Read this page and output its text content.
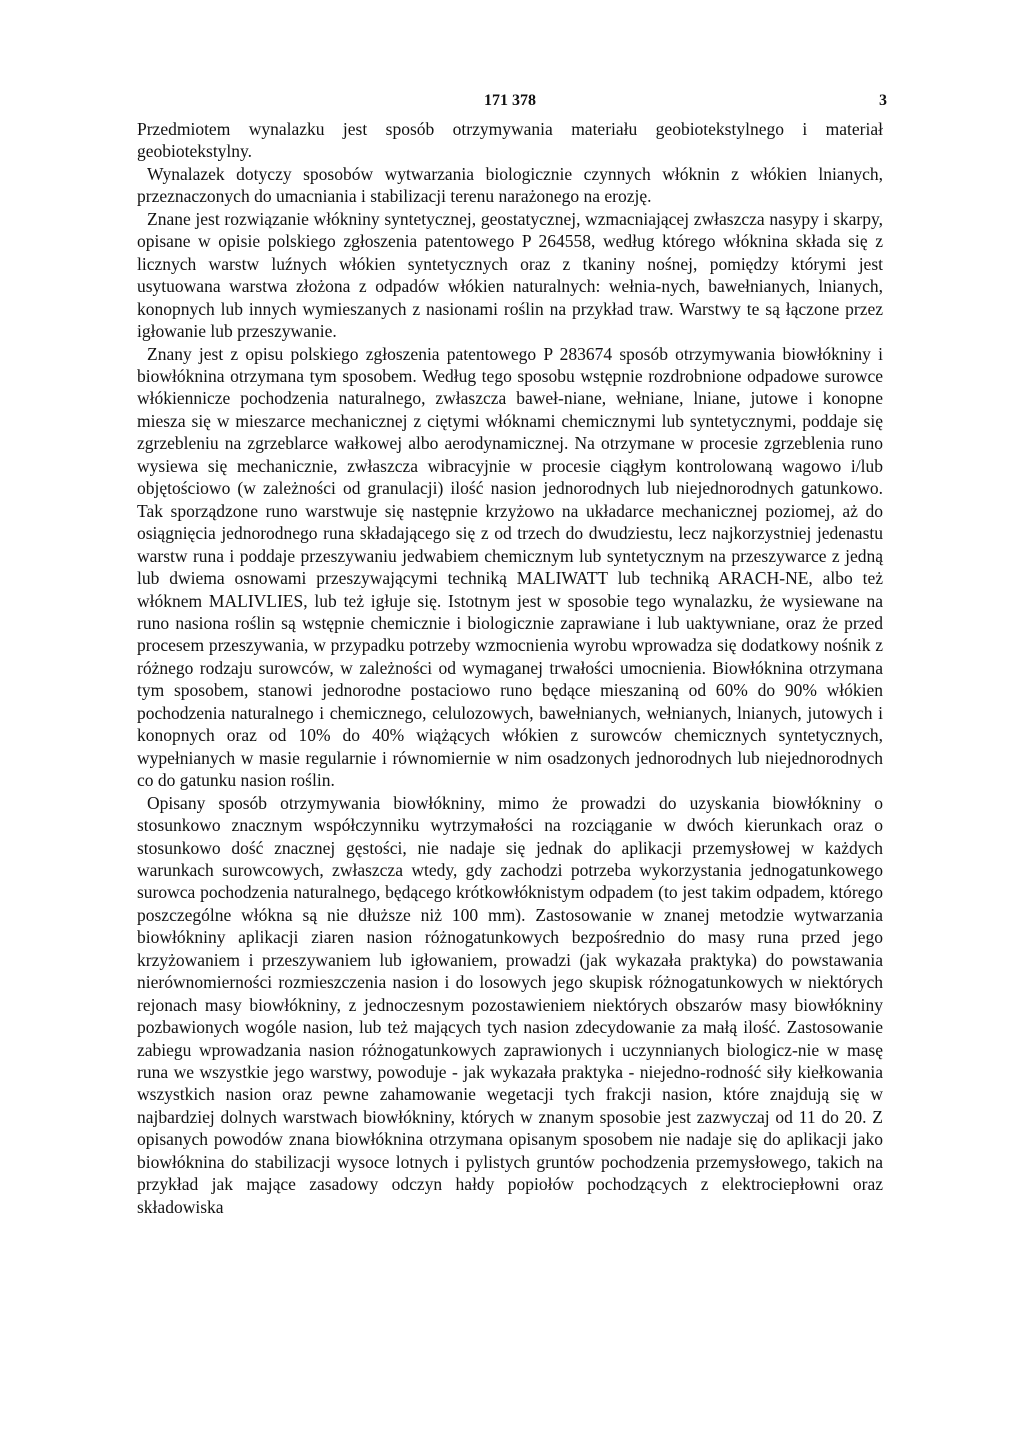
171 378	3

Przedmiotem wynalazku jest sposób otrzymywania materiału geobiotekstylnego i materiał geobiotekstylny.

Wynalazek dotyczy sposobów wytwarzania biologicznie czynnych włóknin z włókien lnianych, przeznaczonych do umacniania i stabilizacji terenu narażonego na erozję.

Znane jest rozwiązanie włókniny syntetycznej, geostatycznej, wzmacniającej zwłaszcza nasypy i skarpy, opisane w opisie polskiego zgłoszenia patentowego P 264558, według którego włóknina składa się z licznych warstw luźnych włókien syntetycznych oraz z tkaniny nośnej, pomiędzy którymi jest usytuowana warstwa złożona z odpadów włókien naturalnych: wełnia-nych, bawełnianych, lnianych, konopnych lub innych wymieszanych z nasionami roślin na przykład traw. Warstwy te są łączone przez igłowanie lub przeszywanie.

Znany jest z opisu polskiego zgłoszenia patentowego P 283674 sposób otrzymywania biowłókniny i biowłóknina otrzymana tym sposobem. Według tego sposobu wstępnie rozdrobnione odpadowe surowce włókiennicze pochodzenia naturalnego, zwłaszcza baweł-niane, wełniane, lniane, jutowe i konopne miesza się w mieszarce mechanicznej z ciętymi włóknami chemicznymi lub syntetycznymi, poddaje się zgrzebleniu na zgrzeblarce wałkowej albo aerodynamicznej. Na otrzymane w procesie zgrzeblenia runo wysiewa się mechanicznie, zwłaszcza wibracyjnie w procesie ciągłym kontrolowaną wagowo i/lub objętościowo (w zależności od granulacji) ilość nasion jednorodnych lub niejednorodnych gatunkowo. Tak sporządzone runo warstwuje się następnie krzyżowo na układarce mechanicznej poziomej, aż do osiągnięcia jednorodnego runa składającego się z od trzech do dwudziestu, lecz najkorzystniej jedenastu warstw runa i poddaje przeszywaniu jedwabiem chemicznym lub syntetycznym na przeszywarce z jedną lub dwiema osnowami przeszywającymi techniką MALIWATT lub techniką ARACH-NE, albo też włóknem MALIVLIES, lub też igłuje się. Istotnym jest w sposobie tego wynalazku, że wysiewane na runo nasiona roślin są wstępnie chemicznie i biologicznie zaprawiane i lub uaktywniane, oraz że przed procesem przeszywania, w przypadku potrzeby wzmocnienia wyrobu wprowadza się dodatkowy nośnik z różnego rodzaju surowców, w zależności od wymaganej trwałości umocnienia. Biowłóknina otrzymana tym sposobem, stanowi jednorodne postaciowo runo będące mieszaniną od 60% do 90% włókien pochodzenia naturalnego i chemicznego, celulozowych, bawełnianych, wełnianych, lnianych, jutowych i konopnych oraz od 10% do 40% wiążących włókien z surowców chemicznych syntetycznych, wypełnianych w masie regularnie i równomiernie w nim osadzonych jednorodnych lub niejednorodnych co do gatunku nasion roślin.

Opisany sposób otrzymywania biowłókniny, mimo że prowadzi do uzyskania biowłókniny o stosunkowo znacznym współczynniku wytrzymałości na rozciąganie w dwóch kierunkach oraz o stosunkowo dość znacznej gęstości, nie nadaje się jednak do aplikacji przemysłowej w każdych warunkach surowcowych, zwłaszcza wtedy, gdy zachodzi potrzeba wykorzystania jednogatunkowego surowca pochodzenia naturalnego, będącego krótkowłóknistym odpadem (to jest takim odpadem, którego poszczególne włókna są nie dłuższe niż 100 mm). Zastosowanie w znanej metodzie wytwarzania biowłókniny aplikacji ziaren nasion różnogatunkowych bezpośrednio do masy runa przed jego krzyżowaniem i przeszywaniem lub igłowaniem, prowadzi (jak wykazała praktyka) do powstawania nierównomierności rozmieszczenia nasion i do losowych jego skupisk różnogatunkowych w niektórych rejonach masy biowłókniny, z jednoczesnym pozostawieniem niektórych obszarów masy biowłókniny pozbawionych wogóle nasion, lub też mających tych nasion zdecydowanie za małą ilość. Zastosowanie zabiegu wprowadzania nasion różnogatunkowych zaprawionych i uczynnianych biologicz-nie w masę runa we wszystkie jego warstwy, powoduje - jak wykazała praktyka - niejedno-rodność siły kiełkowania wszystkich nasion oraz pewne zahamowanie wegetacji tych frakcji nasion, które znajdują się w najbardziej dolnych warstwach biowłókniny, których w znanym sposobie jest zazwyczaj od 11 do 20. Z opisanych powodów znana biowłóknina otrzymana opisanym sposobem nie nadaje się do aplikacji jako biowłóknina do stabilizacji wysoce lotnych i pylistych gruntów pochodzenia przemysłowego, takich na przykład jak mające zasadowy odczyn hałdy popiołów pochodzących z elektrociepłowni oraz składowiska
